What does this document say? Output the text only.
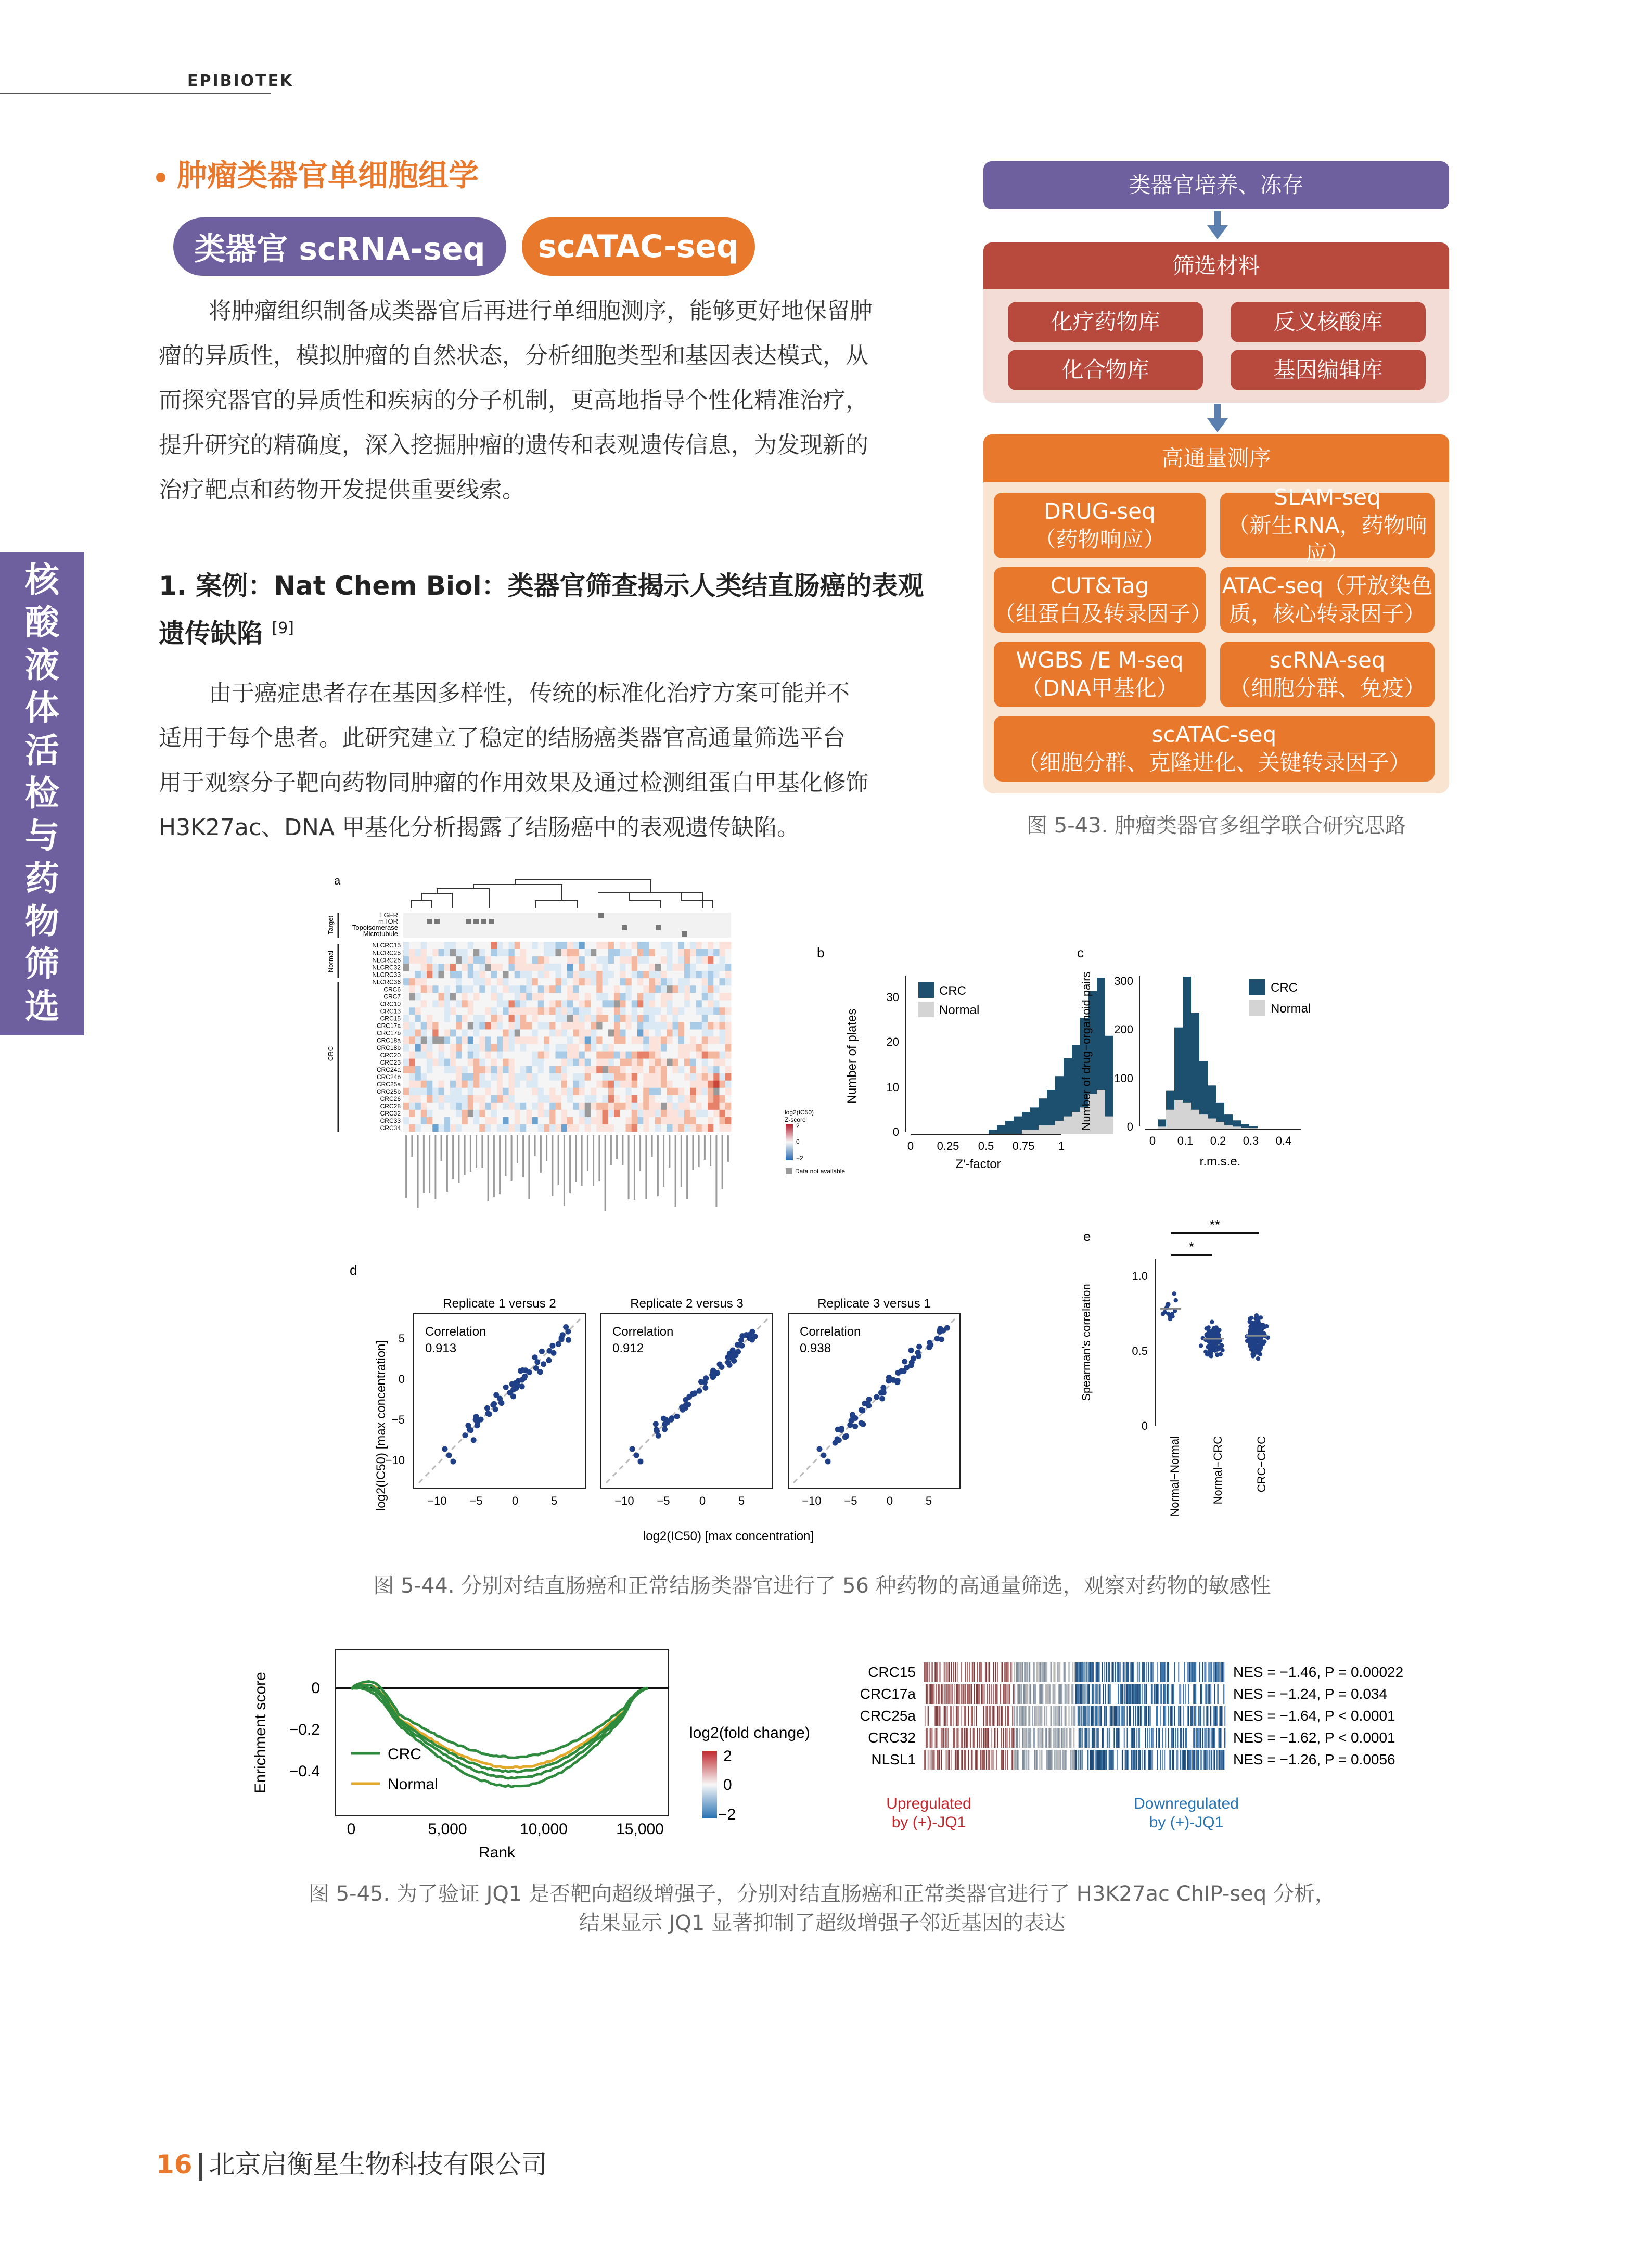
EPIBIOTEK
核
酸
液
体
活
检
与
药
物
筛
选
肿瘤类器官单细胞组学
类器官 scRNA-seq	scATAC-seq

将肿瘤组织制备成类器官后再进行单细胞测序，能够更好地保留肿

瘤的异质性，模拟肿瘤的自然状态，分析细胞类型和基因表达模式，从
而探究器官的异质性和疾病的分子机制，更高地指导个性化精准治疗，
提升研究的精确度，深入挖掘肿瘤的遗传和表观遗传信息，为发现新的
治疗靶点和药物开发提供重要线索。
1. 案例：Nat Chem Biol：类器官筛查揭示人类结直肠癌的表观
遗传缺陷 [9]

由于癌症患者存在基因多样性，传统的标准化治疗方案可能并不

适用于每个患者。此研究建立了稳定的结肠癌类器官高通量筛选平台
用于观察分子靶向药物同肿瘤的作用效果及通过检测组蛋白甲基化修饰
H3K27ac、DNA 甲基化分析揭露了结肠癌中的表观遗传缺陷。
类器官培养、冻存
筛选材料
化疗药物库	反义核酸库
化合物库	基因编辑库
高通量测序
DRUG-seq
（药物响应）
SLAM-seq
（新生RNA，药物响应）
CUT&Tag
（组蛋白及转录因子）
ATAC-seq（开放染色
质，核心转录因子）
WGBS /E M-seq
（DNA甲基化）
scRNA-seq
（细胞分群、免疫）
scATAC-seq
（细胞分群、克隆进化、关键转录因子）
图 5-43. 肿瘤类器官多组学联合研究思路
a
EGFR
mTOR
Topoisomerase
Microtubule
Target
Normal
CRC
NLCRC15
NLCRC25
NLCRC26
NLCRC32
NLCRC33
NLCRC36
CRC6
CRC7
CRC10
CRC13
CRC15
CRC17a
CRC17b
CRC18a
CRC18b
CRC20
CRC23
CRC24a
CRC24b
CRC25a
CRC25b
CRC26
CRC28
CRC32
CRC33
CRC34
log2(IC50)
Z-score
2
0
−2
Data not available
b
0
10
20
30
0 0.25 0.5 0.75 1
Z′-factor
Number of plates
CRC
Normal
c
0
100
200
300
0 0.1 0.2 0.3 0.4
r.m.s.e.
Number of drug−organoid pairs	CRC
Normal
d
Replicate 1 versus 2
Correlation
0.913
−10 −5	0	5
Replicate 2 versus 3
Correlation
0.912
−10 −5	0	5
Replicate 3 versus 1
Correlation
0.938
−10 −5	0	5
log2(IC50) [max concentration]
log2(IC50) [max concentration]
5
0
−5
−10
e
0
0.5
1.0
Spearman's correlation
*
**
Normal−Normal	Normal−CRC	CRC−CRC
图 5-44. 分别对结直肠癌和正常结肠类器官进行了 56 种药物的高通量筛选，观察对药物的敏感性
0
−0.2
−0.4
Enrichment score
0	5,000	10,000	15,000
Rank
CRC
Normal
log2(fold change)
2
0
−2
CRC15
CRC17a
CRC25a
CRC32
NLSL1
NES = −1.46, P = 0.00022
NES = −1.24, P = 0.034
NES = −1.64, P < 0.0001
NES = −1.62, P < 0.0001
NES = −1.26, P = 0.0056
Upregulated
by (+)-JQ1
Downregulated
by (+)-JQ1
图 5-45. 为了验证 JQ1 是否靶向超级增强子，分别对结直肠癌和正常类器官进行了 H3K27ac ChIP-seq 分析，
结果显示 JQ1 显著抑制了超级增强子邻近基因的表达
16 北京启衡星生物科技有限公司
